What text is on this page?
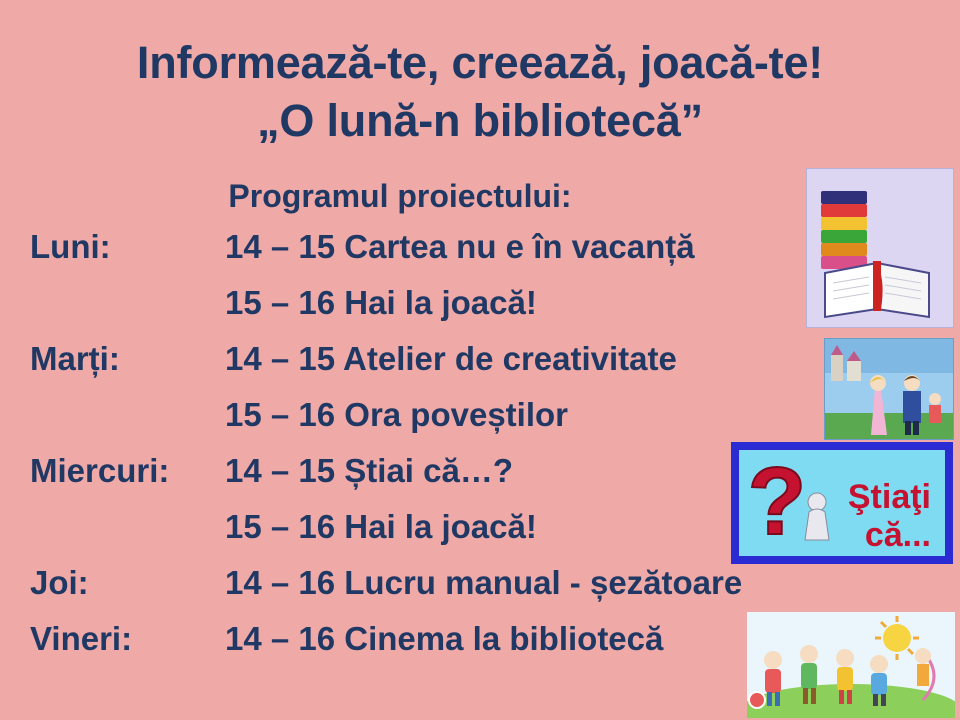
Informează-te, creează, joacă-te!
„O lună-n bibliotecă”
Programul proiectului:
Luni:	14 – 15 Cartea nu e în vacanță
15 – 16 Hai la joacă!
Marți:	14 – 15 Atelier de creativitate
15 – 16 Ora poveștilor
Miercuri:	14 – 15 Știai că…?
15 – 16 Hai la joacă!
Joi:	14 – 16 Lucru manual - șezătoare
Vineri:	14 – 16 Cinema la bibliotecă
? Ştiaţi
că...
